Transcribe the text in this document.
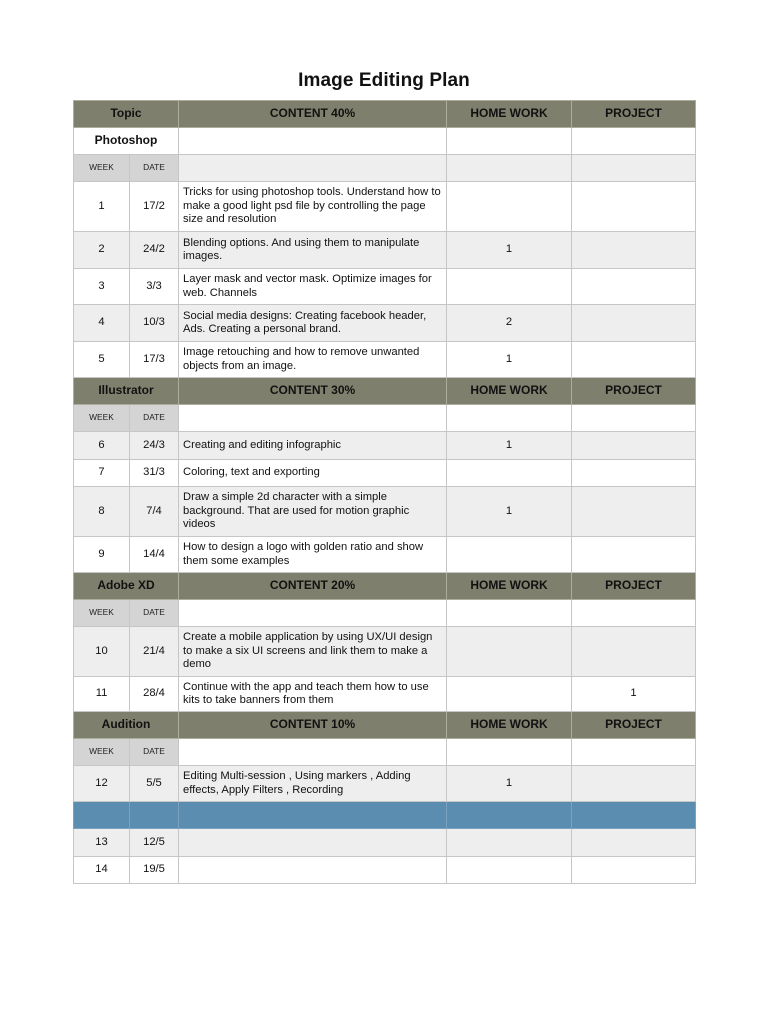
Image Editing Plan
Topic		CONTENT 40%	HOME WORK	PROJECT
Photoshop				
WEEK	DATE			
1	17/2	Tricks for using photoshop tools. Understand how to make a good light psd file by controlling the page size and resolution		
2	24/2	Blending options. And using them to manipulate images.	1	
3	3/3	Layer mask and vector mask. Optimize images for web. Channels		
4	10/3	Social media designs: Creating facebook header, Ads. Creating a personal brand.	2	
5	17/3	Image retouching and how to remove unwanted objects from an image.	1	
Illustrator		CONTENT 30%	HOME WORK	PROJECT
WEEK	DATE			
6	24/3	Creating and editing infographic	1	
7	31/3	Coloring, text and exporting		
8	7/4	Draw a simple 2d character with a simple background. That are used for motion graphic videos	1	
9	14/4	How to design a logo with golden ratio and show them some examples		
Adobe XD		CONTENT 20%	HOME WORK	PROJECT
WEEK	DATE			
10	21/4	Create a mobile application by using UX/UI design to make a six UI screens and link them to make a demo		
11	28/4	Continue with the app and teach them how to use kits to take banners from them		1
Audition		CONTENT 10%	HOME WORK	PROJECT
WEEK	DATE			
12	5/5	Editing Multi-session , Using markers , Adding effects, Apply Filters , Recording	1	

13	12/5			
14	19/5			
